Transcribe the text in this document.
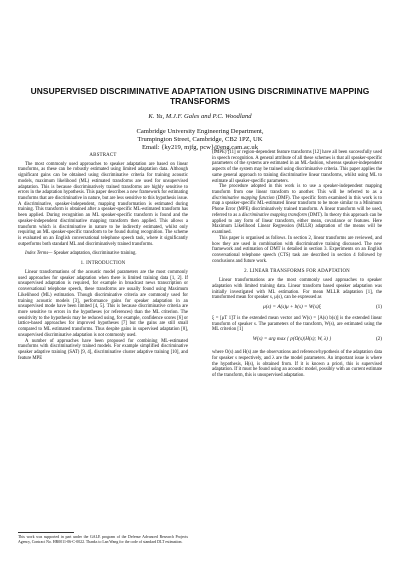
UNSUPERVISED DISCRIMINATIVE ADAPTATION USING DISCRIMINATIVE MAPPING TRANSFORMS
K. Yu, M.J.F. Gales and P.C. Woodland
Cambridge University Engineering Department,
Trumpington Street, Cambridge, CB2 1PZ, UK
Email: {ky219, mjfg, pcw}@eng.cam.ac.uk
ABSTRACT

The most commonly used approaches to speaker adaptation are based on linear transforms, as these can be robustly estimated using limited adaptation data. Although significant gains can be obtained using discriminative criteria for training acoustic models, maximum likelihood (ML) estimated transforms are used for unsupervised adaptation. This is because discriminatively trained transforms are highly sensitive to errors in the adaptation hypothesis. This paper describes a new framework for estimating transforms that are discriminative in nature, but are less sensitive to this hypothesis issue. A discriminative, speaker-independent, mapping transformation is estimated during training. This transform is obtained after a speaker-specific ML-estimated transform has been applied. During recognition an ML speaker-specific transform is found and the speaker-independent discriminative mapping transform then applied. This allows a transform which is discriminative in nature to be indirectly estimated, whilst only requiring an ML speaker-specific transform to be found during recognition. The scheme is evaluated on an English conversational telephone speech task, where it significantly outperforms both standard ML and discriminatively trained transforms.

Index Terms— Speaker adaptation, discriminative training.

1. INTRODUCTION

Linear transformations of the acoustic model parameters are the most commonly used approaches for speaker adaptation when there is limited training data [1, 2]. If unsupervised adaptation is required, for example in broadcast news transcription or conversational telephone speech, these transforms are usually found using Maximum Likelihood (ML) estimation. Though discriminative criteria are commonly used for training acoustic models [3], performance gains for speaker adaptation in an unsupervised mode have been limited [4, 5]. This is because discriminative criteria are more sensitive to errors in the hypotheses (or references) than the ML criterion. The sensitivity to the hypothesis may be reduced using, for example, confidence scores [6] or lattice-based approaches for improved hypotheses [7] but the gains are still small compared to ML estimated transforms. Thus despite gains in supervised adaptation [8], unsupervised discriminative adaptation is not commonly used.

A number of approaches have been proposed for combining ML-estimated transforms with discriminatively trained models. For example simplified discriminative speaker adaptive training (SAT) [9, 4], discriminative cluster adaptive training [10], and feature MPE

This work was supported in part under the GALE program of the Defense Advanced Research Projects Agency, Contract No. HR0011-06-C-0022. Thanks to Lan Wang for the code of standard DLT estimation.

(fMPE) [11] or region-dependent feature transforms [12] have all been successfully used in speech recognition. A general attribute of all these schemes is that all speaker-specific parameters of the systems are estimated in an ML-fashion, whereas speaker-independent aspects of the system may be trained using discriminative criteria. This paper applies the same general approach to training discriminative linear transforms, whilst using ML to estimate all speaker-specific parameters.

The procedure adopted in this work is to use a speaker-independent mapping transform from one linear transform to another. This will be referred to as a discriminative mapping function (DMF). The specific form examined in this work is to map a speaker-specific ML-estimated linear transform to be more similar to a Minimum Phone Error (MPE) discriminatively trained transform. A linear transform will be used, referred to as a discriminative mapping transform (DMT). In theory this approach can be applied to any form of linear transform, either mean, covariance or features. Here Maximum Likelihood Linear Regression (MLLR) adaptation of the means will be examined.

This paper is organised as follows. In section 2, linear transforms are reviewed, and how they are used in combination with discriminative training discussed. The new framework and estimation of DMT is detailed in section 3. Experiments on an English conversational telephone speech (CTS) task are described in section 4 followed by conclusions and future work.

2. LINEAR TRANSFORMS FOR ADAPTATION

Linear transformations are the most commonly used approaches to speaker adaptation with limited training data. Linear transform based speaker adaptation was initially investigated with ML estimation. For mean MLLR adaptation [1], the transformed mean for speaker s, μ(s), can be expressed as

μ(s) = A(s)μ + b(s) = W(s)ξ	(1)

ξ = [μT 1]T is the extended mean vector and W(s) = [A(s) b(s)] is the extended linear transform of speaker s. The parameters of the transform, W(s), are estimated using the ML criterion [1]

W(s) = arg max { p(O(s)|H(s); W, λ) }	(2)

where O(s) and H(s) are the observations and reference/hypothesis of the adaptation data for speaker s respectively, and λ are the model parameters. An important issue is where the hypothesis, H(s), is obtained from. If it is known a priori, this is supervised adaptation. If it must be found using an acoustic model, possibly with an current estimate of the transform, this is unsupervised adaptation.
